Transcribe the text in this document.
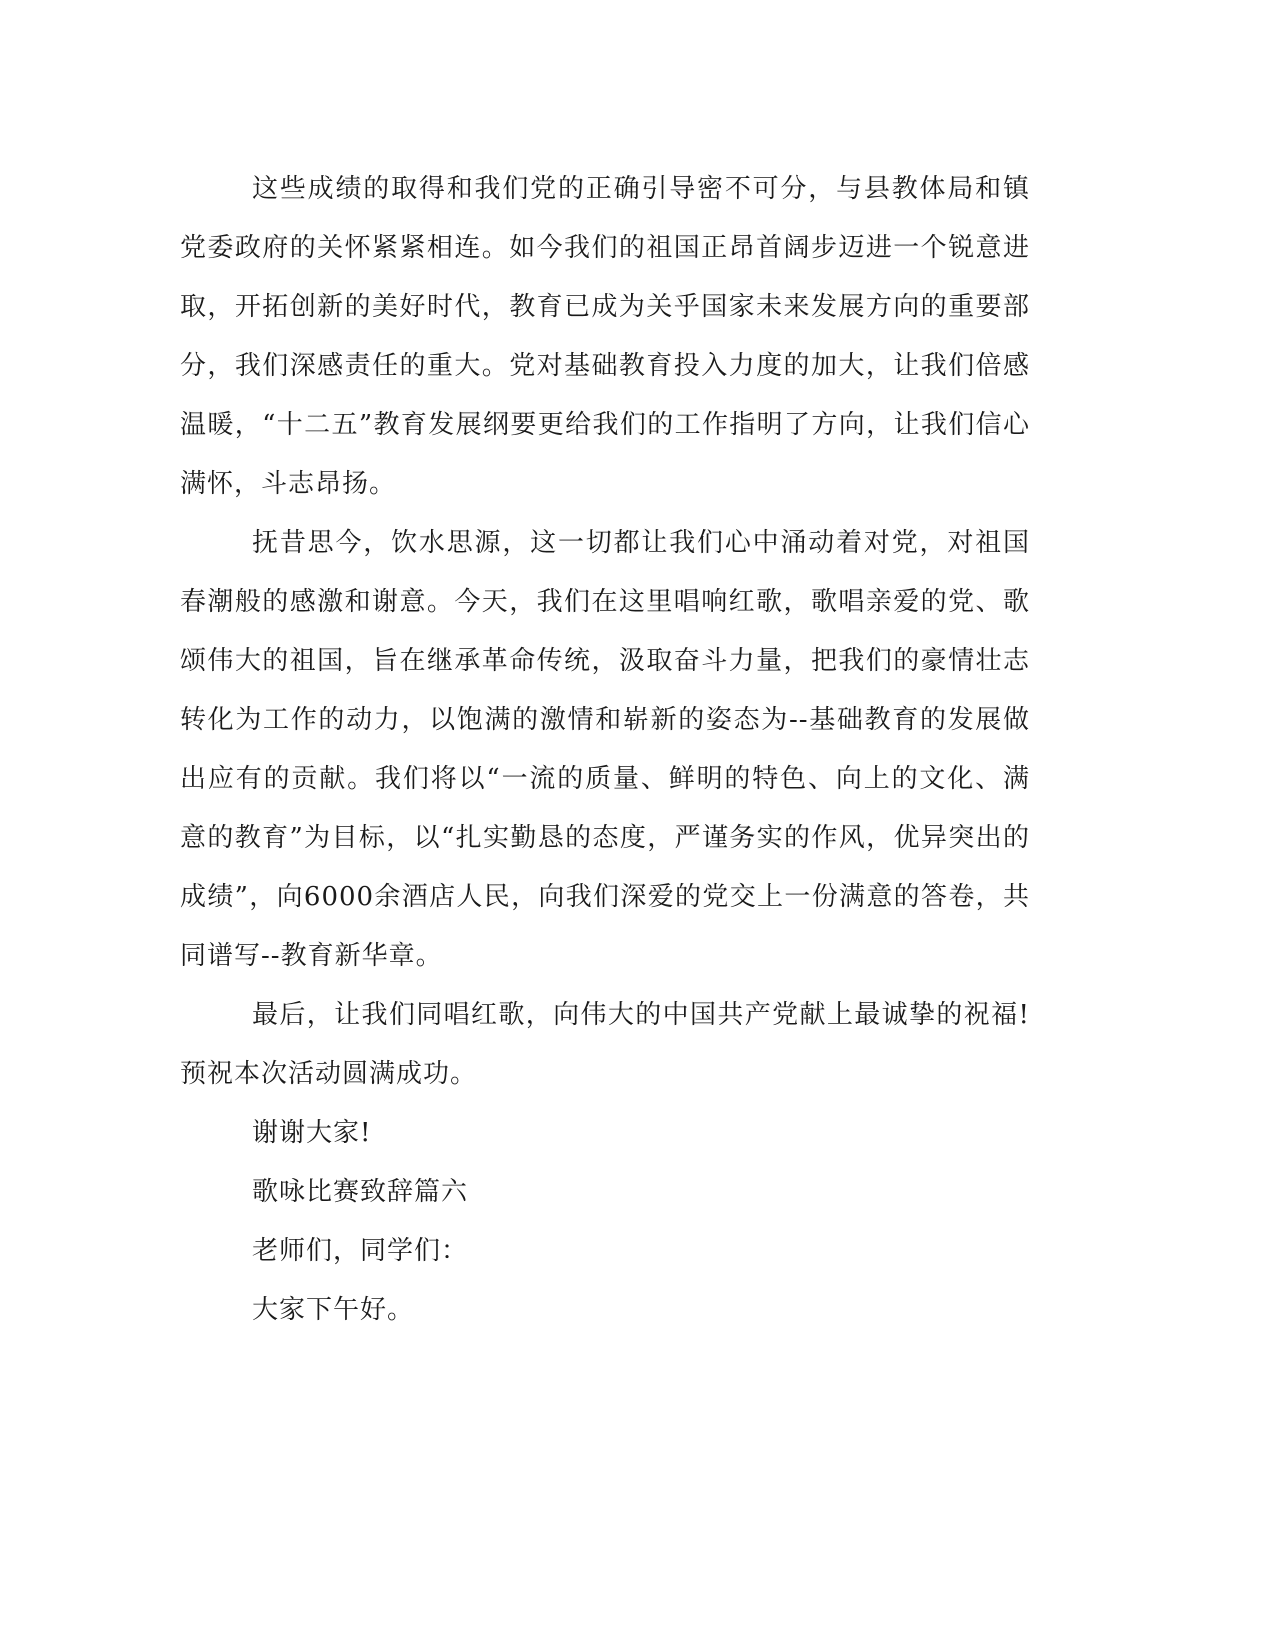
这些成绩的取得和我们党的正确引导密不可分，与县教体局和镇党委政府的关怀紧紧相连。如今我们的祖国正昂首阔步迈进一个锐意进取，开拓创新的美好时代，教育已成为关乎国家未来发展方向的重要部分，我们深感责任的重大。党对基础教育投入力度的加大，让我们倍感温暖，“十二五”教育发展纲要更给我们的工作指明了方向，让我们信心满怀，斗志昂扬。

抚昔思今，饮水思源，这一切都让我们心中涌动着对党，对祖国春潮般的感激和谢意。今天，我们在这里唱响红歌，歌唱亲爱的党、歌颂伟大的祖国，旨在继承革命传统，汲取奋斗力量，把我们的豪情壮志转化为工作的动力，以饱满的激情和崭新的姿态为--基础教育的发展做出应有的贡献。我们将以“一流的质量、鲜明的特色、向上的文化、满意的教育”为目标，以“扎实勤恳的态度，严谨务实的作风，优异突出的成绩”，向6000余酒店人民，向我们深爱的党交上一份满意的答卷，共同谱写--教育新华章。

最后，让我们同唱红歌，向伟大的中国共产党献上最诚挚的祝福!预祝本次活动圆满成功。

谢谢大家!

歌咏比赛致辞篇六

老师们，同学们：

大家下午好。
